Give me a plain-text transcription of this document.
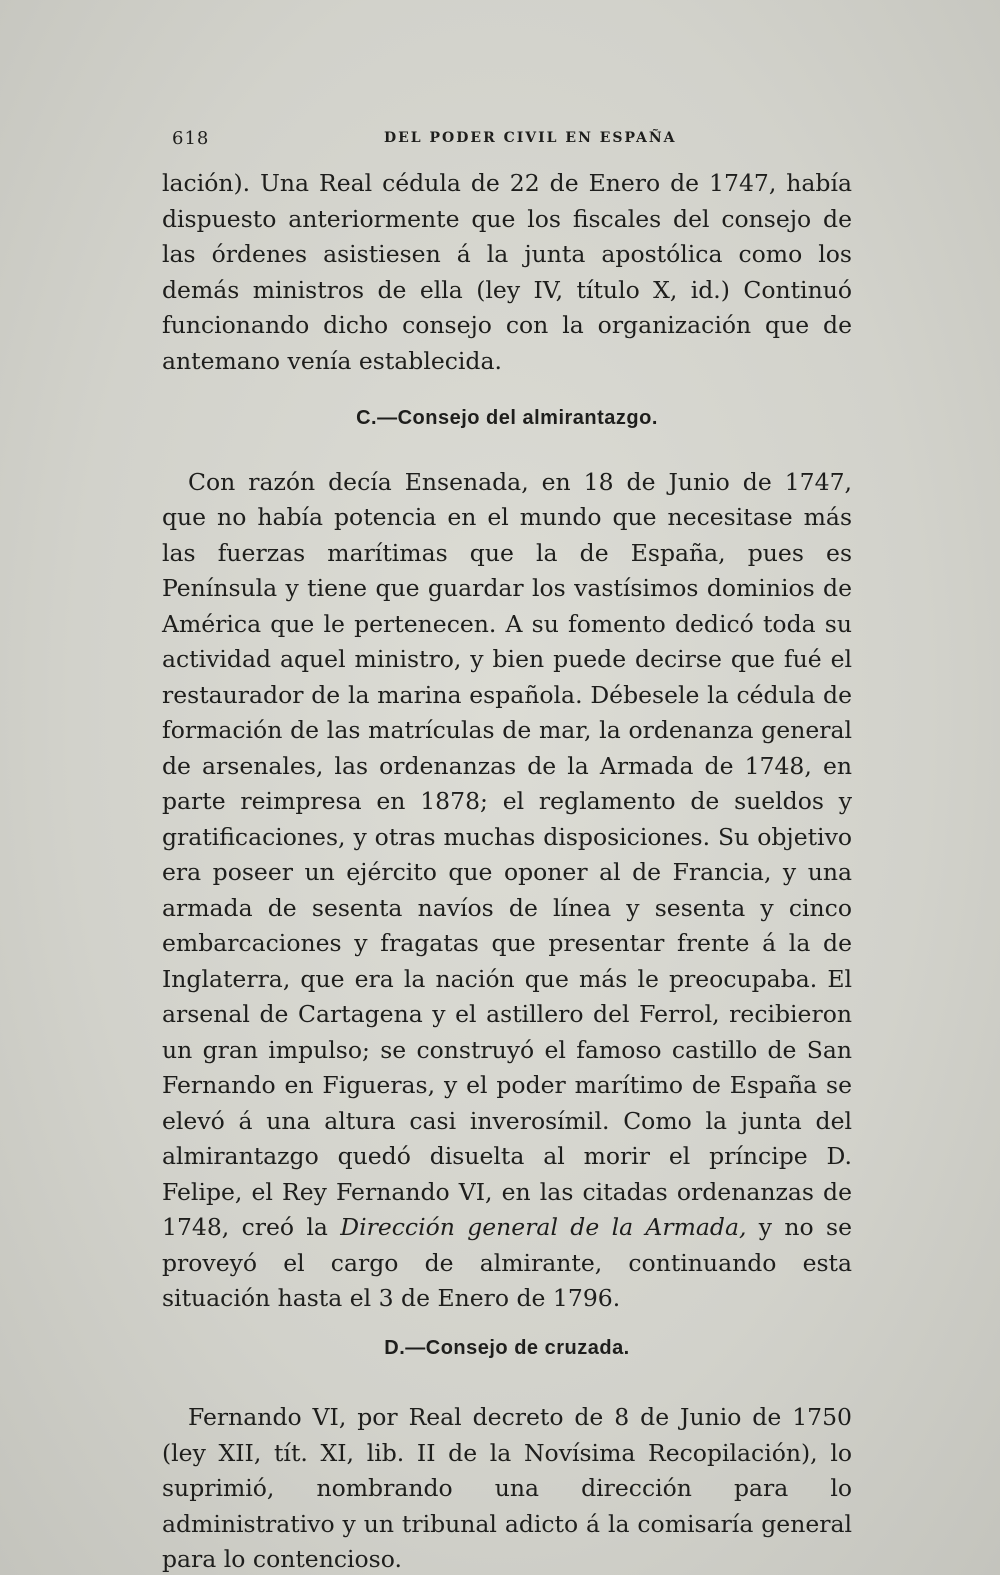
618	DEL PODER CIVIL EN ESPAÑA

lación). Una Real cédula de 22 de Enero de 1747, había dispuesto anteriormente que los fiscales del consejo de las órdenes asistiesen á la junta apostólica como los demás ministros de ella (ley IV, título X, id.) Continuó funcionando dicho consejo con la organización que de antemano venía establecida.

C.—Consejo del almirantazgo.

Con razón decía Ensenada, en 18 de Junio de 1747, que no había potencia en el mundo que necesitase más las fuerzas marítimas que la de España, pues es Península y tiene que guardar los vastísimos dominios de América que le pertenecen. A su fomento dedicó toda su actividad aquel ministro, y bien puede decirse que fué el restaurador de la marina española. Débesele la cédula de formación de las matrículas de mar, la ordenanza general de arsenales, las ordenanzas de la Armada de 1748, en parte reimpresa en 1878; el reglamento de sueldos y gratificaciones, y otras muchas disposiciones. Su objetivo era poseer un ejército que oponer al de Francia, y una armada de sesenta navíos de línea y sesenta y cinco embarcaciones y fragatas que presentar frente á la de Inglaterra, que era la nación que más le preocupaba. El arsenal de Cartagena y el astillero del Ferrol, recibieron un gran impulso; se construyó el famoso castillo de San Fernando en Figueras, y el poder marítimo de España se elevó á una altura casi inverosímil. Como la junta del almirantazgo quedó disuelta al morir el príncipe D. Felipe, el Rey Fernando VI, en las citadas ordenanzas de 1748, creó la Dirección general de la Armada, y no se proveyó el cargo de almirante, continuando esta situación hasta el 3 de Enero de 1796.

D.—Consejo de cruzada.

Fernando VI, por Real decreto de 8 de Junio de 1750 (ley XII, tít. XI, lib. II de la Novísima Recopilación), lo suprimió, nombrando una dirección para lo administrativo y un tribunal adicto á la comisaría general para lo contencioso.
